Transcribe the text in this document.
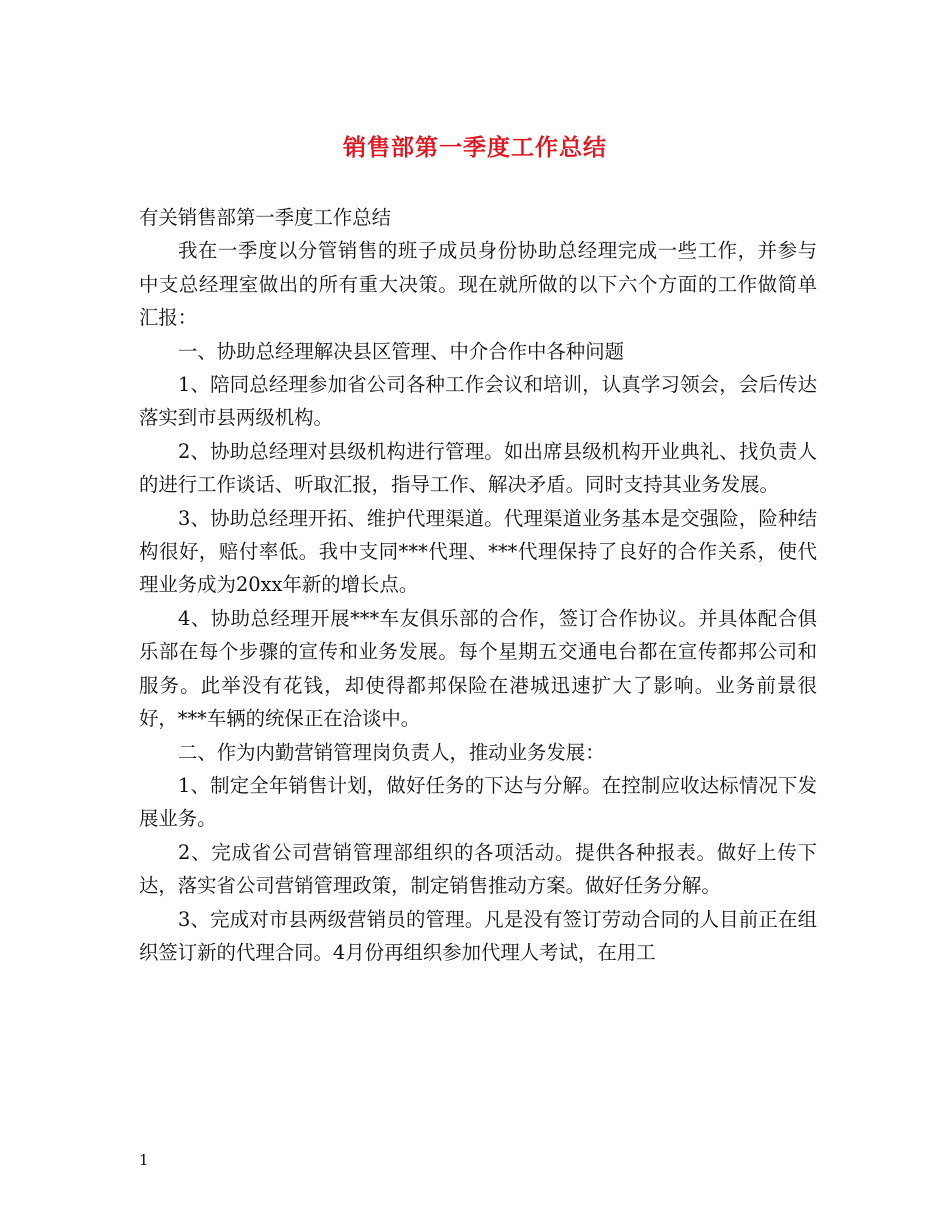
销售部第一季度工作总结

有关销售部第一季度工作总结

我在一季度以分管销售的班子成员身份协助总经理完成一些工作，并参与中支总经理室做出的所有重大决策。现在就所做的以下六个方面的工作做简单汇报：

一、协助总经理解决县区管理、中介合作中各种问题

1、陪同总经理参加省公司各种工作会议和培训，认真学习领会，会后传达落实到市县两级机构。

2、协助总经理对县级机构进行管理。如出席县级机构开业典礼、找负责人的进行工作谈话、听取汇报，指导工作、解决矛盾。同时支持其业务发展。

3、协助总经理开拓、维护代理渠道。代理渠道业务基本是交强险，险种结构很好，赔付率低。我中支同***代理、***代理保持了良好的合作关系，使代理业务成为20xx年新的增长点。

4、协助总经理开展***车友俱乐部的合作，签订合作协议。并具体配合俱乐部在每个步骤的宣传和业务发展。每个星期五交通电台都在宣传都邦公司和服务。此举没有花钱，却使得都邦保险在港城迅速扩大了影响。业务前景很好，***车辆的统保正在洽谈中。

二、作为内勤营销管理岗负责人，推动业务发展：

1、制定全年销售计划，做好任务的下达与分解。在控制应收达标情况下发展业务。

2、完成省公司营销管理部组织的各项活动。提供各种报表。做好上传下达，落实省公司营销管理政策，制定销售推动方案。做好任务分解。

3、完成对市县两级营销员的管理。凡是没有签订劳动合同的人目前正在组织签订新的代理合同。4月份再组织参加代理人考试，在用工

1
